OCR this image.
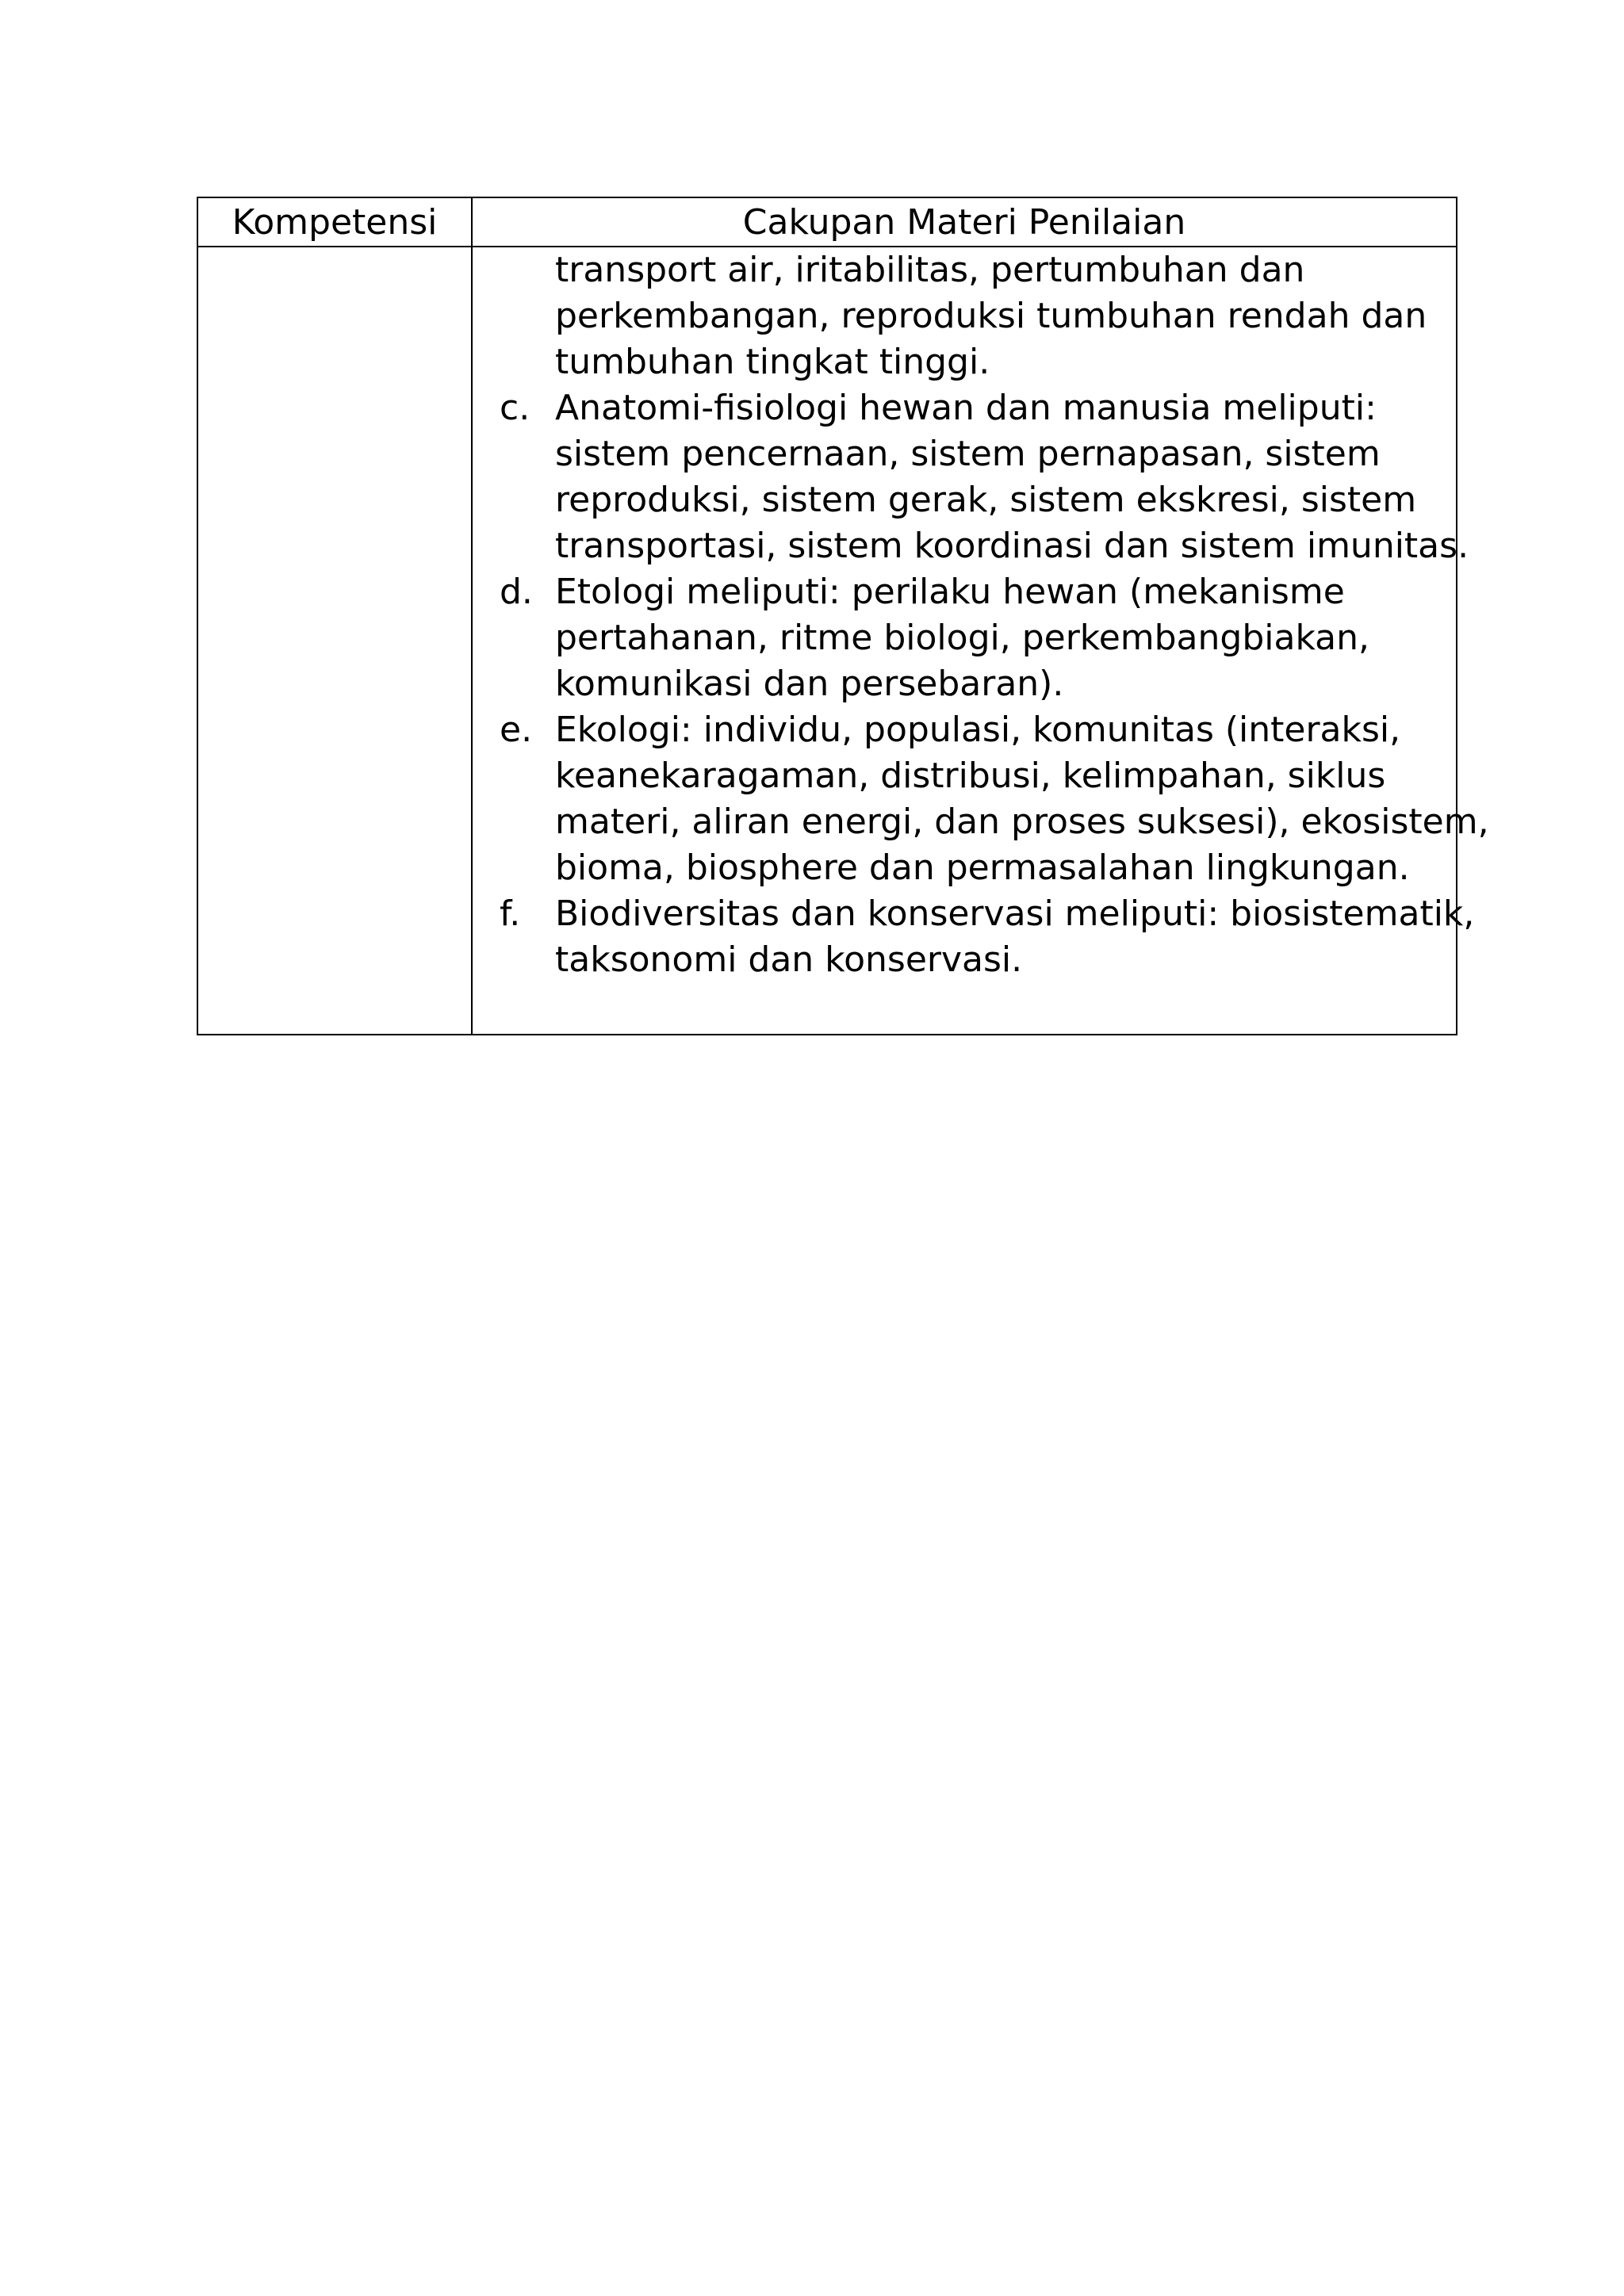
Kompetensi	Cakupan Materi Penilaian
transport air, iritabilitas, pertumbuhan dan
perkembangan, reproduksi tumbuhan rendah dan
tumbuhan tingkat tinggi.
c. Anatomi-fisiologi hewan dan manusia meliputi:
sistem pencernaan, sistem pernapasan, sistem
reproduksi, sistem gerak, sistem ekskresi, sistem
transportasi, sistem koordinasi dan sistem imunitas.
d. Etologi meliputi: perilaku hewan (mekanisme
pertahanan, ritme biologi, perkembangbiakan,
komunikasi dan persebaran).
e. Ekologi: individu, populasi, komunitas (interaksi,
keanekaragaman, distribusi, kelimpahan, siklus
materi, aliran energi, dan proses suksesi), ekosistem,
bioma, biosphere dan permasalahan lingkungan.
f. Biodiversitas dan konservasi meliputi: biosistematik,
taksonomi dan konservasi.
